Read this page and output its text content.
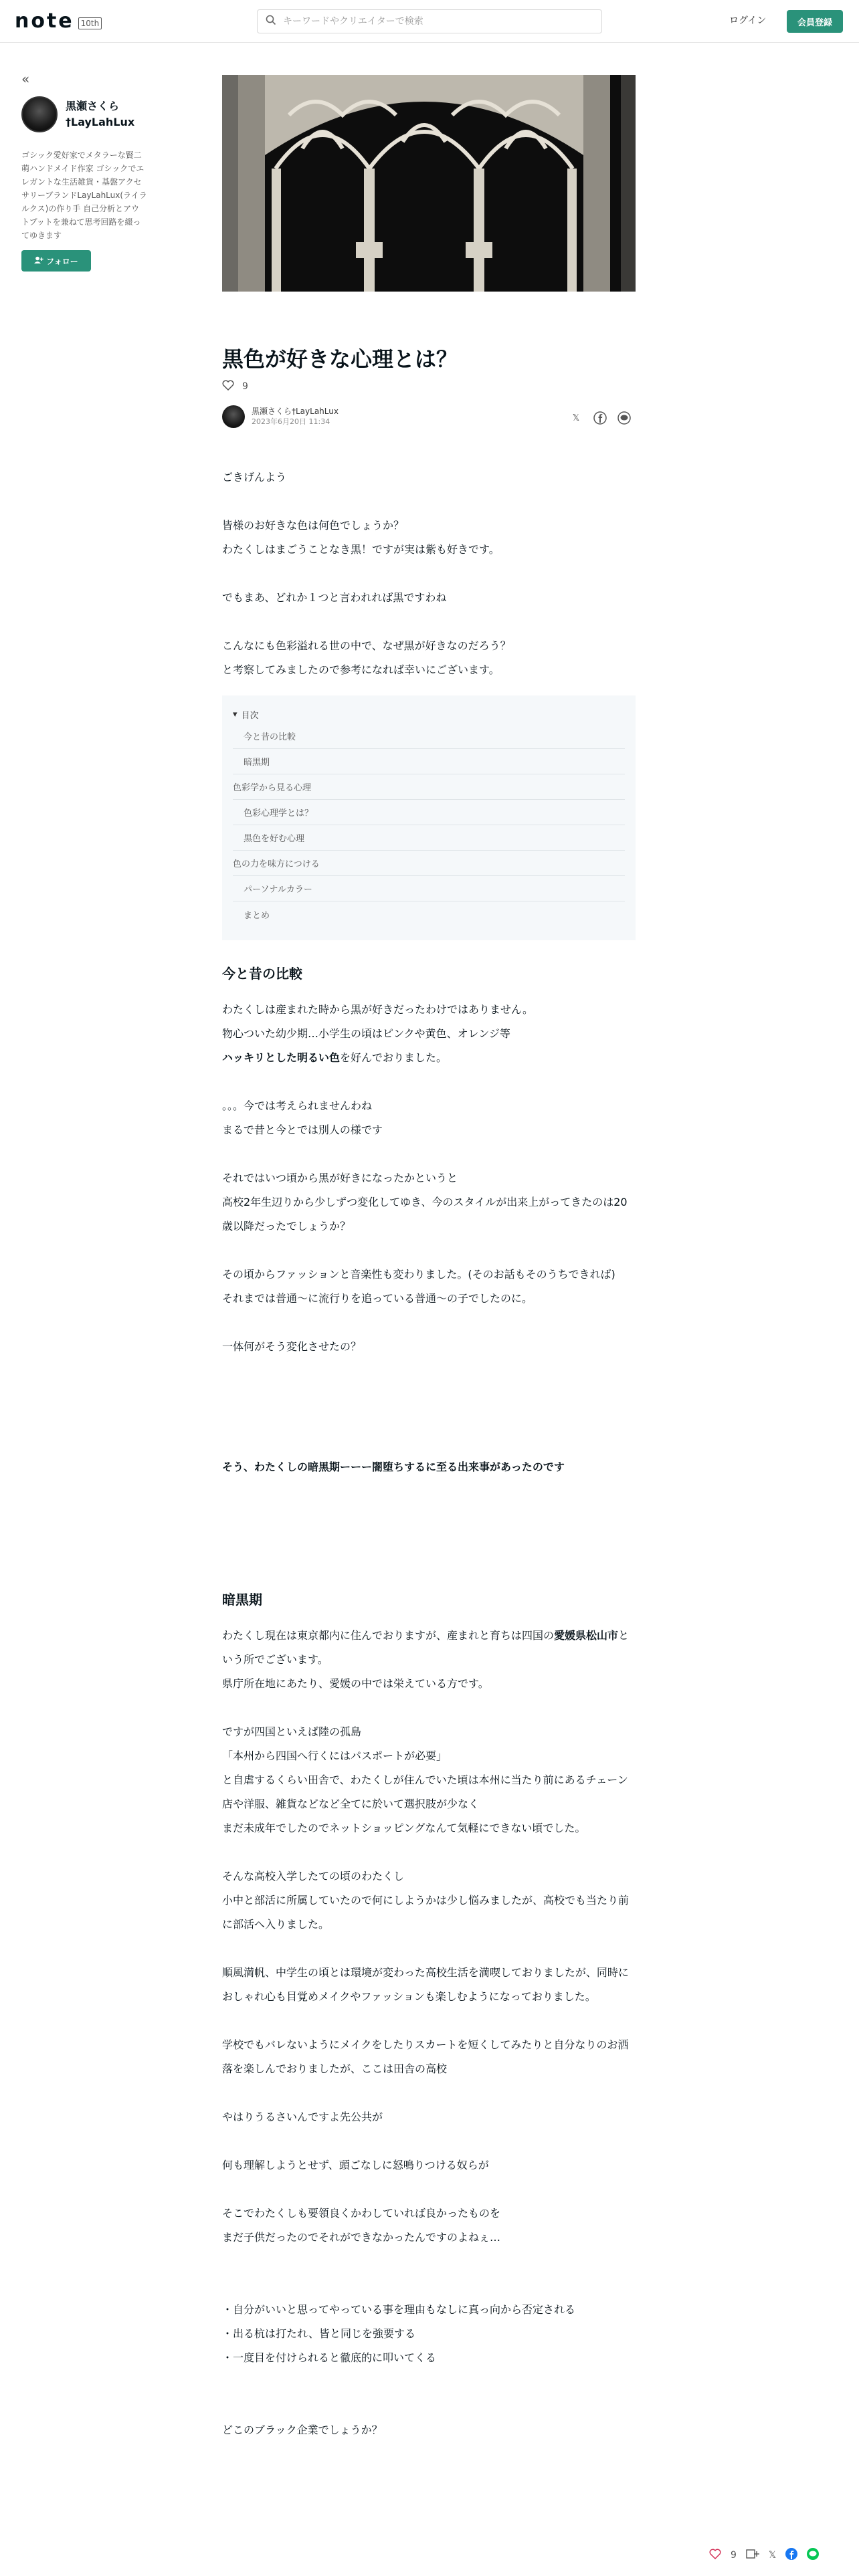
note 10th
キーワードやクリエイターで検索	ログイン	会員登録
«
黒瀬さくら
†LayLahLux
ゴシック愛好家でメタラーな賢二萌ハンドメイド作家 ゴシックでエレガントな生活雑貨・基盤アクセサリーブランドLayLahLux(ライラルクス)の作り手 自己分析とアウトプットを兼ねて思考回路を綴ってゆきます
フォロー
黒色が好きな心理とは？
9
黒瀬さくら†LayLahLux
2023年6月20日 11:34	𝕏

ごきげんよう

皆様のお好きな色は何色でしょうか？

わたくしはまごうことなき黒！ですが実は紫も好きです。

でもまあ、どれか１つと言われれば黒ですわね

こんなにも色彩溢れる世の中で、なぜ黒が好きなのだろう？

と考察してみましたので参考になれば幸いにございます。

▾ 目次
今と昔の比較
暗黒期
色彩学から見る心理
色彩心理学とは？
黒色を好む心理
色の力を味方につける
パーソナルカラー
まとめ
今と昔の比較

わたくしは産まれた時から黒が好きだったわけではありません。

物心ついた幼少期…小学生の頃はピンクや黄色、オレンジ等

ハッキリとした明るい色を好んでおりました。

。。。今では考えられませんわね

まるで昔と今とでは別人の様です

それではいつ頃から黒が好きになったかというと

高校2年生辺りから少しずつ変化してゆき、今のスタイルが出来上がってきたのは20歳以降だったでしょうか？

その頃からファッションと音楽性も変わりました。(そのお話もそのうちできれば)

それまでは普通〜に流行りを追っている普通〜の子でしたのに。

一体何がそう変化させたの？

そう、わたくしの暗黒期ーーー闇堕ちするに至る出来事があったのです

暗黒期

わたくし現在は東京都内に住んでおりますが、産まれと育ちは四国の愛媛県松山市という所でございます。

県庁所在地にあたり、愛媛の中では栄えている方です。

ですが四国といえば陸の孤島

「本州から四国へ行くにはパスポートが必要」

と自虐するくらい田舎で、わたくしが住んでいた頃は本州に当たり前にあるチェーン店や洋服、雑貨などなど全てに於いて選択肢が少なく

まだ未成年でしたのでネットショッピングなんて気軽にできない頃でした。

そんな高校入学したての頃のわたくし

小中と部活に所属していたので何にしようかは少し悩みましたが、高校でも当たり前に部活へ入りました。

順風満帆、中学生の頃とは環境が変わった高校生活を満喫しておりましたが、同時におしゃれ心も目覚めメイクやファッションも楽しむようになっておりました。

学校でもバレないようにメイクをしたりスカートを短くしてみたりと自分なりのお洒落を楽しんでおりましたが、ここは田舎の高校

やはりうるさいんですよ先公共が

何も理解しようとせず、頭ごなしに怒鳴りつける奴らが

そこでわたくしも要領良くかわしていれば良かったものを

まだ子供だったのでそれができなかったんですのよねぇ…

・自分がいいと思ってやっている事を理由もなしに真っ向から否定される

・出る杭は打たれ、皆と同じを強要する

・一度目を付けられると徹底的に叩いてくる

どこのブラック企業でしょうか？

9	𝕏
